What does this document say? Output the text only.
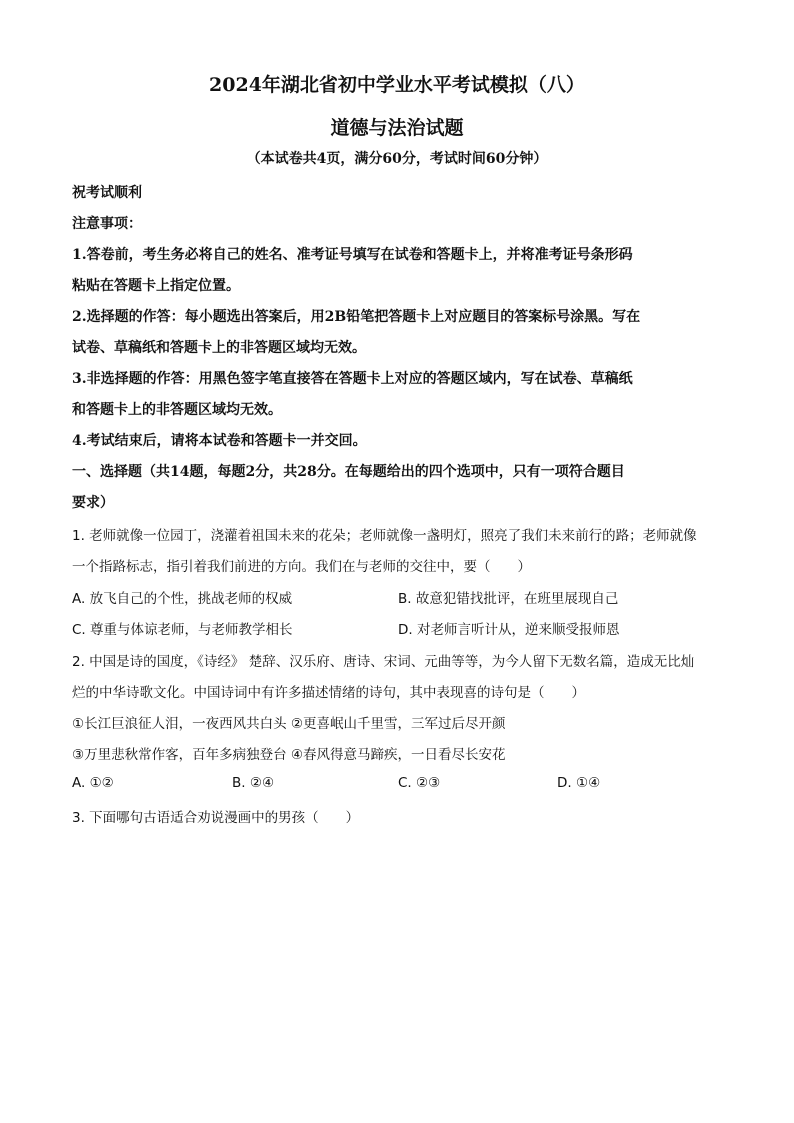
2024年湖北省初中学业水平考试模拟（八）
道德与法治试题
（本试卷共4页，满分60分，考试时间60分钟）
祝考试顺利
注意事项：
1.答卷前，考生务必将自己的姓名、准考证号填写在试卷和答题卡上，并将准考证号条形码
粘贴在答题卡上指定位置。
2.选择题的作答：每小题选出答案后，用2B铅笔把答题卡上对应题目的答案标号涂黑。写在
试卷、草稿纸和答题卡上的非答题区域均无效。
3.非选择题的作答：用黑色签字笔直接答在答题卡上对应的答题区域内，写在试卷、草稿纸
和答题卡上的非答题区域均无效。
4.考试结束后，请将本试卷和答题卡一并交回。
一、选择题（共14题，每题2分，共28分。在每题给出的四个选项中，只有一项符合题目
要求）
1. 老师就像一位园丁，浇灌着祖国未来的花朵；老师就像一盏明灯，照亮了我们未来前行的路；老师就像
一个指路标志，指引着我们前进的方向。我们在与老师的交往中，要（　　）
A. 放飞自己的个性，挑战老师的权威	B. 故意犯错找批评，在班里展现自己
C. 尊重与体谅老师，与老师教学相长	D. 对老师言听计从，逆来顺受报师恩
2. 中国是诗的国度，《诗经》 楚辞、汉乐府、唐诗、宋词、元曲等等，为今人留下无数名篇，造成无比灿
烂的中华诗歌文化。中国诗词中有许多描述情绪的诗句，其中表现喜的诗句是（　　）
①长江巨浪征人泪，一夜西风共白头 ②更喜岷山千里雪，三军过后尽开颜
③万里悲秋常作客，百年多病独登台 ④春风得意马蹄疾，一日看尽长安花
A. ①②	B. ②④	C. ②③	D. ①④
3. 下面哪句古语适合劝说漫画中的男孩（　　）
